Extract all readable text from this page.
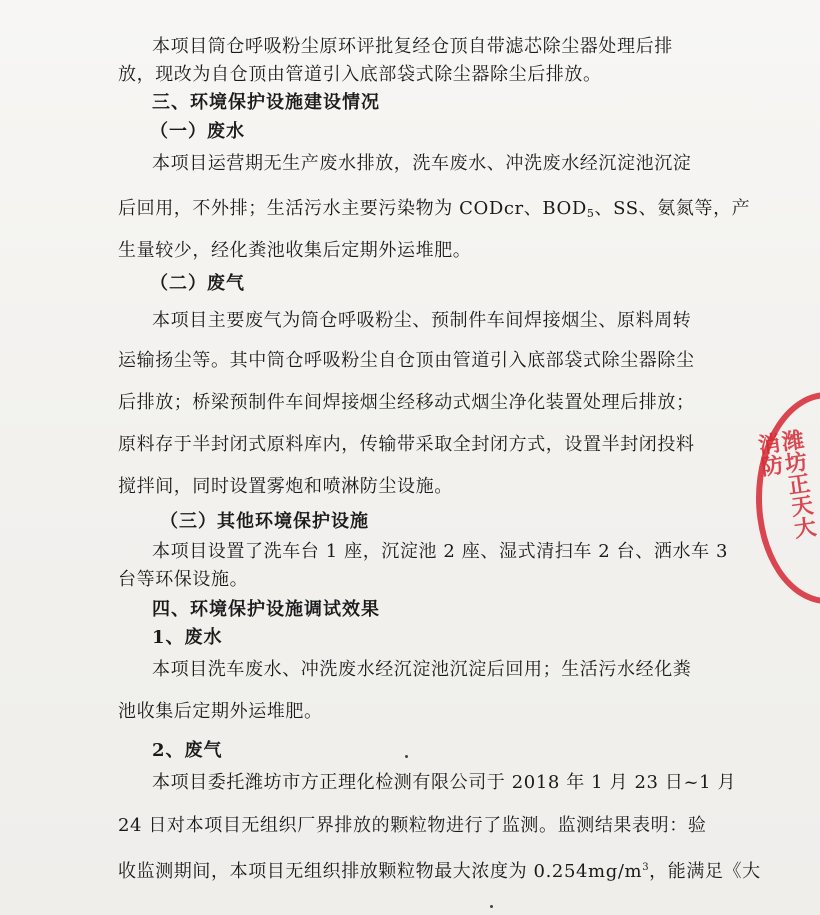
本项目筒仓呼吸粉尘原环评批复经仓顶自带滤芯除尘器处理后排
放，现改为自仓顶由管道引入底部袋式除尘器除尘后排放。
三、环境保护设施建设情况
（一）废水
本项目运营期无生产废水排放，洗车废水、冲洗废水经沉淀池沉淀
后回用，不外排；生活污水主要污染物为 CODcr、$BOD_5$、SS、氨氮等，产
生量较少，经化粪池收集后定期外运堆肥。
（二）废气
本项目主要废气为筒仓呼吸粉尘、预制件车间焊接烟尘、原料周转
运输扬尘等。其中筒仓呼吸粉尘自仓顶由管道引入底部袋式除尘器除尘
后排放；桥梁预制件车间焊接烟尘经移动式烟尘净化装置处理后排放；
原料存于半封闭式原料库内，传输带采取全封闭方式，设置半封闭投料
搅拌间，同时设置雾炮和喷淋防尘设施。
（三）其他环境保护设施
本项目设置了洗车台 1 座，沉淀池 2 座、湿式清扫车 2 台、洒水车 3
台等环保设施。
四、环境保护设施调试效果
1、废水
本项目洗车废水、冲洗废水经沉淀池沉淀后回用；生活污水经化粪
池收集后定期外运堆肥。
2、废气
本项目委托潍坊市方正理化检测有限公司于 2018 年 1 月 23 日~1 月
24 日对本项目无组织厂界排放的颗粒物进行了监测。监测结果表明：验
收监测期间，本项目无组织排放颗粒物最大浓度为 $0.254mg/m^3$，能满足《大
潍坊正天大消防
